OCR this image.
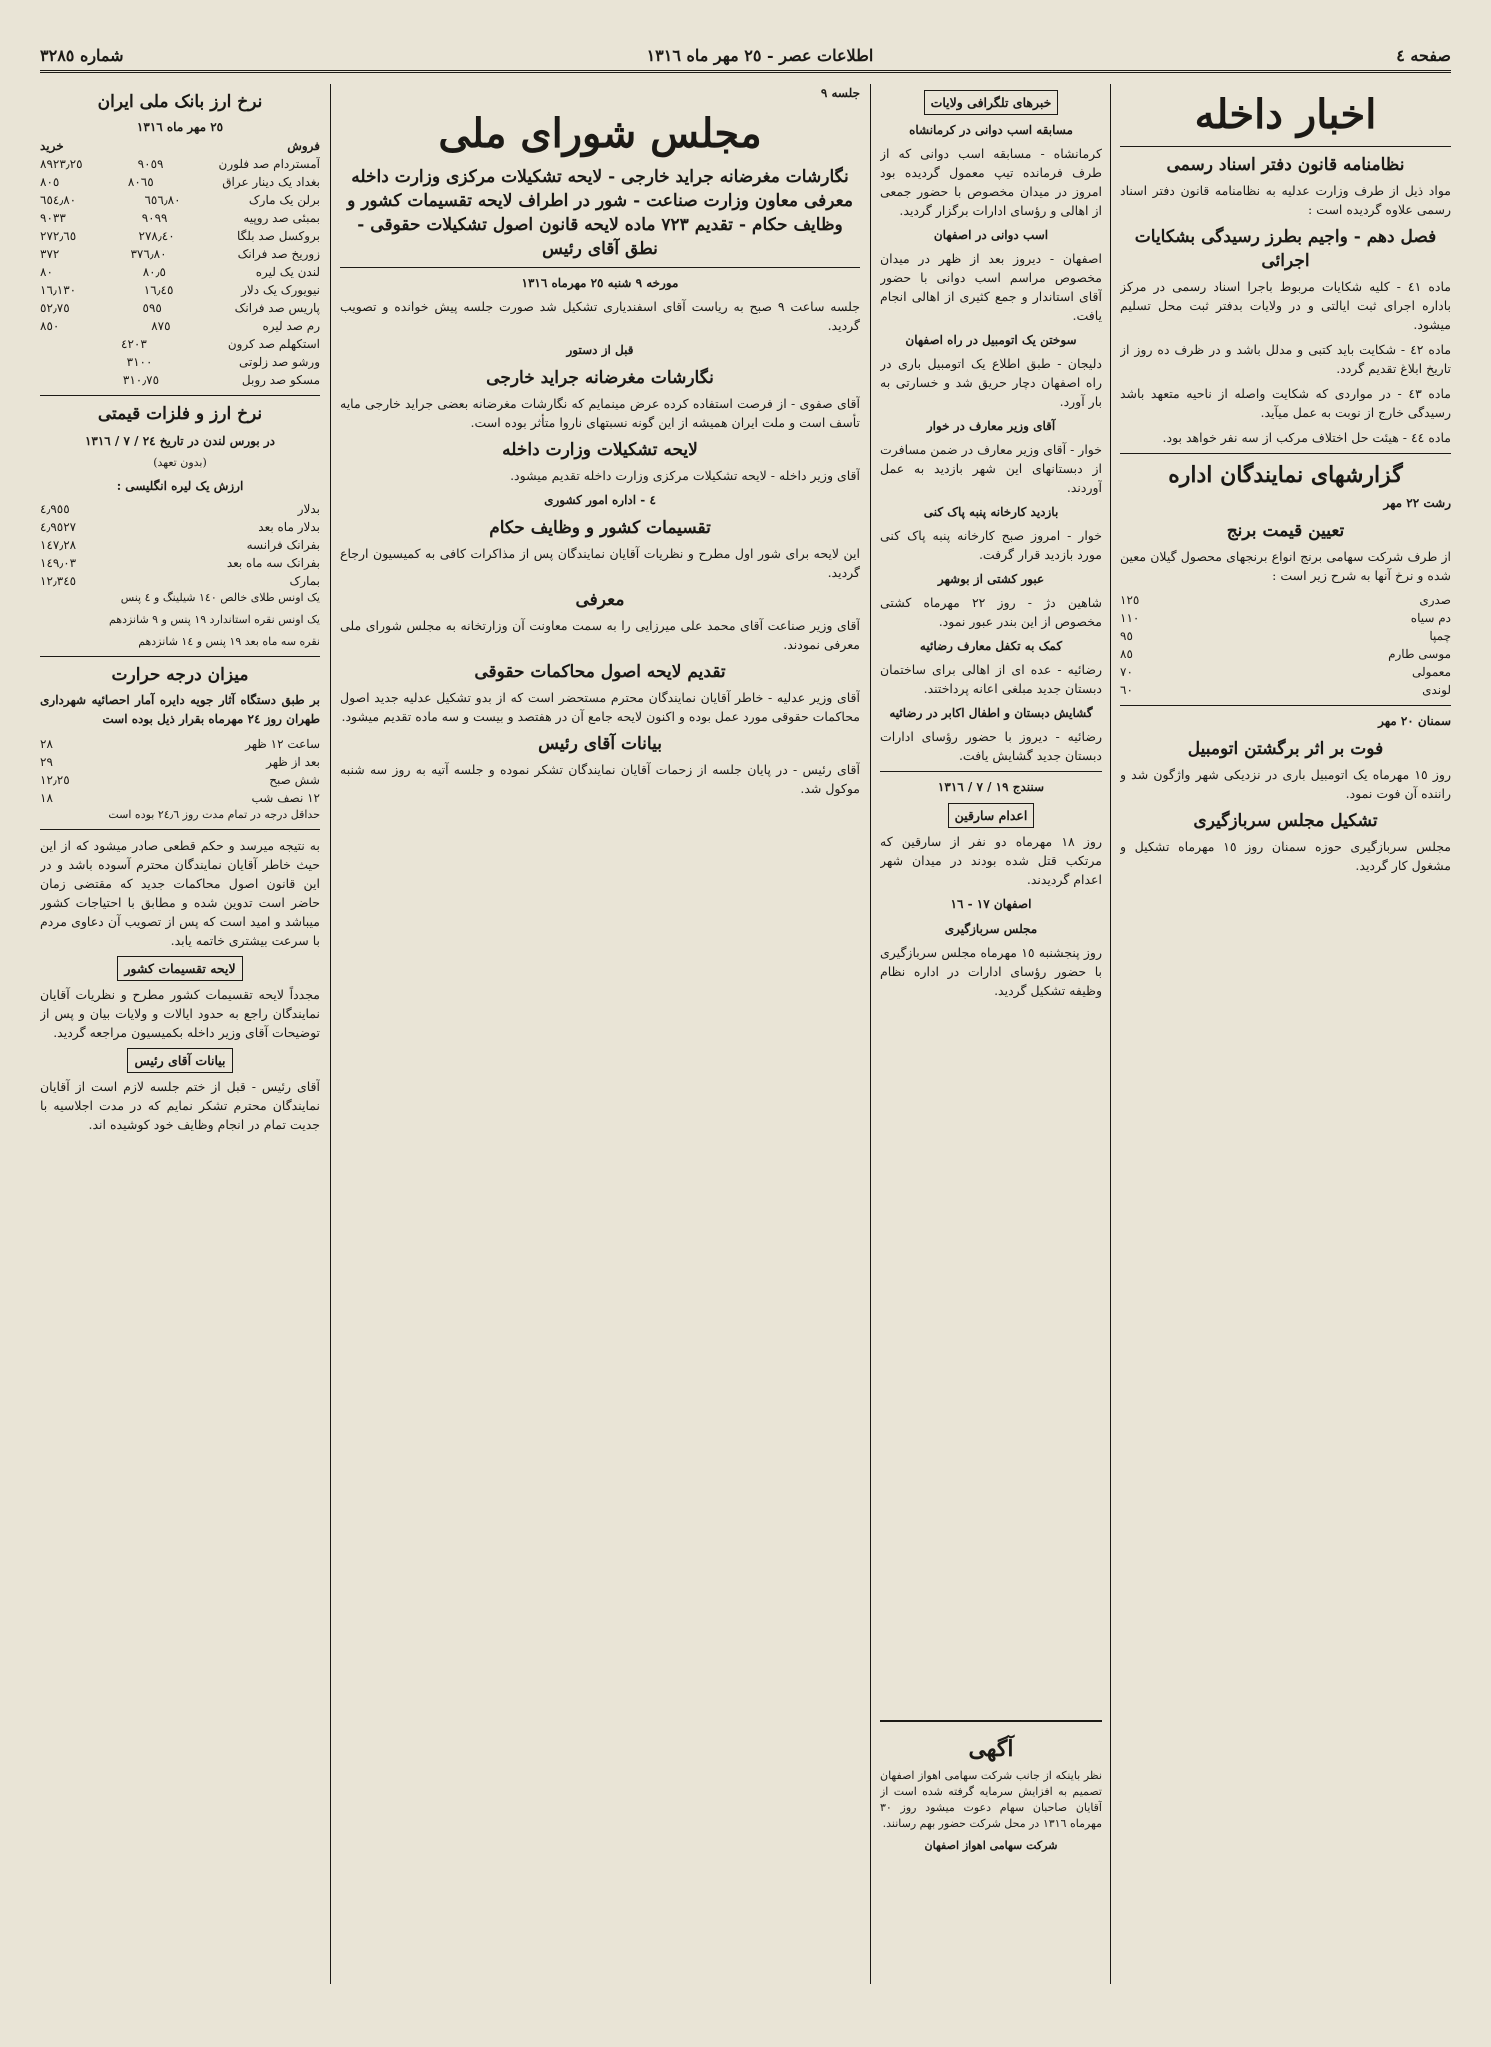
صفحه ٤
اطلاعات عصر - ٢٥ مهر ماه ١٣١٦
شماره ٣٢٨٥
اخبار داخله
نظامنامه قانون دفتر اسناد رسمی

مواد ذیل از طرف وزارت عدلیه به نظامنامه قانون دفتر اسناد رسمی علاوه گردیده است :

فصل دهم - واجیم بطرز رسیدگی بشکایات اجرائی

ماده ٤١ - کلیه شکایات مربوط باجرا اسناد رسمی در مرکز باداره اجرای ثبت ایالتی و در ولایات بدفتر ثبت محل تسلیم میشود.

ماده ٤٢ - شکایت باید کتبی و مدلل باشد و در ظرف ده روز از تاریخ ابلاغ تقدیم گردد.

ماده ٤٣ - در مواردی که شکایت واصله از ناحیه متعهد باشد رسیدگی خارج از نوبت به عمل میآید.

ماده ٤٤ - هیئت حل اختلاف مرکب از سه نفر خواهد بود.

گزارشهای نمایندگان اداره
رشت ٢٢ مهر
تعیین قیمت برنج

از طرف شرکت سهامی برنج انواع برنجهای محصول گیلان معین شده و نرخ آنها به شرح زیر است :

صدری
١٢٥
دم سیاه
١١٠
چمپا
٩٥
موسی طارم
٨٥
معمولی
٧٠
لوندی
٦٠
سمنان ٢٠ مهر
فوت بر اثر برگشتن اتومبیل

روز ١٥ مهرماه یک اتومبیل باری در نزدیکی شهر واژگون شد و راننده آن فوت نمود.

تشکیل مجلس سربازگیری

مجلس سربازگیری حوزه سمنان روز ١٥ مهرماه تشکیل و مشغول کار گردید.

خبرهای تلگرافی ولایات
مسابقه اسب دوانی در کرمانشاه

کرمانشاه - مسابقه اسب دوانی که از طرف فرمانده تیپ معمول گردیده بود امروز در میدان مخصوص با حضور جمعی از اهالی و رؤسای ادارات برگزار گردید.

اسب دوانی در اصفهان

اصفهان - دیروز بعد از ظهر در میدان مخصوص مراسم اسب دوانی با حضور آقای استاندار و جمع کثیری از اهالی انجام یافت.

سوختن یک اتومبیل در راه اصفهان

دلیجان - طبق اطلاع یک اتومبیل باری در راه اصفهان دچار حریق شد و خسارتی به بار آورد.

آقای وزیر معارف در خوار

خوار - آقای وزیر معارف در ضمن مسافرت از دبستانهای این شهر بازدید به عمل آوردند.

بازدید کارخانه پنبه پاک کنی

خوار - امروز صبح کارخانه پنبه پاک کنی مورد بازدید قرار گرفت.

عبور کشتی از بوشهر

شاهین دژ - روز ٢٢ مهرماه کشتی مخصوص از این بندر عبور نمود.

کمک به تکفل معارف رضائیه

رضائیه - عده ای از اهالی برای ساختمان دبستان جدید مبلغی اعانه پرداختند.

گشایش دبستان و اطفال اکابر در رضائیه

رضائیه - دیروز با حضور رؤسای ادارات دبستان جدید گشایش یافت.

سنندج ١٩ / ٧ / ١٣١٦
اعدام سارقین

روز ١٨ مهرماه دو نفر از سارقین که مرتکب قتل شده بودند در میدان شهر اعدام گردیدند.

اصفهان ١٧ - ١٦
مجلس سربازگیری

روز پنجشنبه ١٥ مهرماه مجلس سربازگیری با حضور رؤسای ادارات در اداره نظام وظیفه تشکیل گردید.

جلسه ٩
مجلس شورای ملی
نگارشات مغرضانه جراید خارجی - لایحه تشکیلات مرکزی وزارت داخله معرفی معاون وزارت صناعت - شور در اطراف لایحه تقسیمات کشور و وظایف حکام - تقدیم ٧٢٣ ماده لایحه قانون اصول تشکیلات حقوقی - نطق آقای رئیس
مورخه ٩ شنبه ٢٥ مهرماه ١٣١٦

جلسه ساعت ٩ صبح به ریاست آقای اسفندیاری تشکیل شد صورت جلسه پیش خوانده و تصویب گردید.

قبل از دستور
نگارشات مغرضانه جراید خارجی

آقای صفوی - از فرصت استفاده کرده عرض مینمایم که نگارشات مغرضانه بعضی جراید خارجی مایه تأسف است و ملت ایران همیشه از این گونه نسبتهای ناروا متأثر بوده است.

لایحه تشکیلات وزارت داخله

آقای وزیر داخله - لایحه تشکیلات مرکزی وزارت داخله تقدیم میشود.

٤ - اداره امور کشوری
تقسیمات کشور و وظایف حکام

این لایحه برای شور اول مطرح و نظریات آقایان نمایندگان پس از مذاکرات کافی به کمیسیون ارجاع گردید.

معرفی

آقای وزیر صناعت آقای محمد علی میرزایی را به سمت معاونت آن وزارتخانه به مجلس شورای ملی معرفی نمودند.

تقدیم لایحه اصول محاکمات حقوقی

آقای وزیر عدلیه - خاطر آقایان نمایندگان محترم مستحضر است که از بدو تشکیل عدلیه جدید اصول محاکمات حقوقی مورد عمل بوده و اکنون لایحه جامع آن در هفتصد و بیست و سه ماده تقدیم میشود.

بیانات آقای رئیس

آقای رئیس - در پایان جلسه از زحمات آقایان نمایندگان تشکر نموده و جلسه آتیه به روز سه شنبه موکول شد.

نرخ ارز بانک ملی ایران
٢٥ مهر ماه ١٣١٦
فروش
خرید
آمستردام صد فلورن
٩٠٥٩
٨٩٢٣٫٢٥
بغداد یک دینار عراق
٨٠٦٥
٨٠٥
برلن یک مارک
٦٥٦٫٨٠
٦٥٤٫٨٠
بمبئی صد روپیه
٩٠٩٩
٩٠٣٣
بروکسل صد بلگا
٢٧٨٫٤٠
٢٧٢٫٦٥
زوریخ صد فرانک
٣٧٦٫٨٠
٣٧٢
لندن یک لیره
٨٠٫٥
٨٠
نیویورک یک دلار
١٦٫٤٥
١٦٫١٣٠
پاریس صد فرانک
٥٩٥
٥٢٫٧٥
رم صد لیره
٨٧٥
٨٥٠
استکهلم صد کرون
٤٢٠٣
ورشو صد زلوتی
٣١٠٠
مسکو صد روبل
٣١٠٫٧٥
نرخ ارز و فلزات قیمتی
در بورس لندن در تاریخ ٢٤ / ٧ / ١٣١٦
(بدون تعهد)
ارزش یک لیره انگلیسی :
بدلار
٤٫٩٥٥
بدلار ماه بعد
٤٫٩٥٢٧
بفرانک فرانسه
١٤٧٫٢٨
بفرانک سه ماه بعد
١٤٩٫٠٣
بمارک
١٢٫٣٤٥

یک اونس طلای خالص ١٤٠ شیلینگ و ٤ پنس

یک اونس نقره استاندارد ١٩ پنس و ٩ شانزدهم

نقره سه ماه بعد ١٩ پنس و ١٤ شانزدهم

میزان درجه حرارت

بر طبق دستگاه آثار جویه دایره آمار احصائیه شهرداری طهران روز ٢٤ مهرماه بقرار ذیل بوده است

ساعت ١٢ ظهر
٢٨
بعد از ظهر
٢٩
شش صبح
١٢٫٢٥
١٢ نصف شب
١٨

حداقل درجه در تمام مدت روز ٢٤٫٦ بوده است

به نتیجه میرسد و حکم قطعی صادر میشود که از این حیث خاطر آقایان نمایندگان محترم آسوده باشد و در این قانون اصول محاکمات جدید که مقتضی زمان حاضر است تدوین شده و مطابق با احتیاجات کشور میباشد و امید است که پس از تصویب آن دعاوی مردم با سرعت بیشتری خاتمه یابد.

لایحه تقسیمات کشور

مجدداً لایحه تقسیمات کشور مطرح و نظریات آقایان نمایندگان راجع به حدود ایالات و ولایات بیان و پس از توضیحات آقای وزیر داخله بکمیسیون مراجعه گردید.

بیانات آقای رئیس

آقای رئیس - قبل از ختم جلسه لازم است از آقایان نمایندگان محترم تشکر نمایم که در مدت اجلاسیه با جدیت تمام در انجام وظایف خود کوشیده اند.

آگهی

نظر باینکه از جانب شرکت سهامی اهواز اصفهان تصمیم به افزایش سرمایه گرفته شده است از آقایان صاحبان سهام دعوت میشود روز ٣٠ مهرماه ١٣١٦ در محل شرکت حضور بهم رسانند.

شرکت سهامی اهواز اصفهان
